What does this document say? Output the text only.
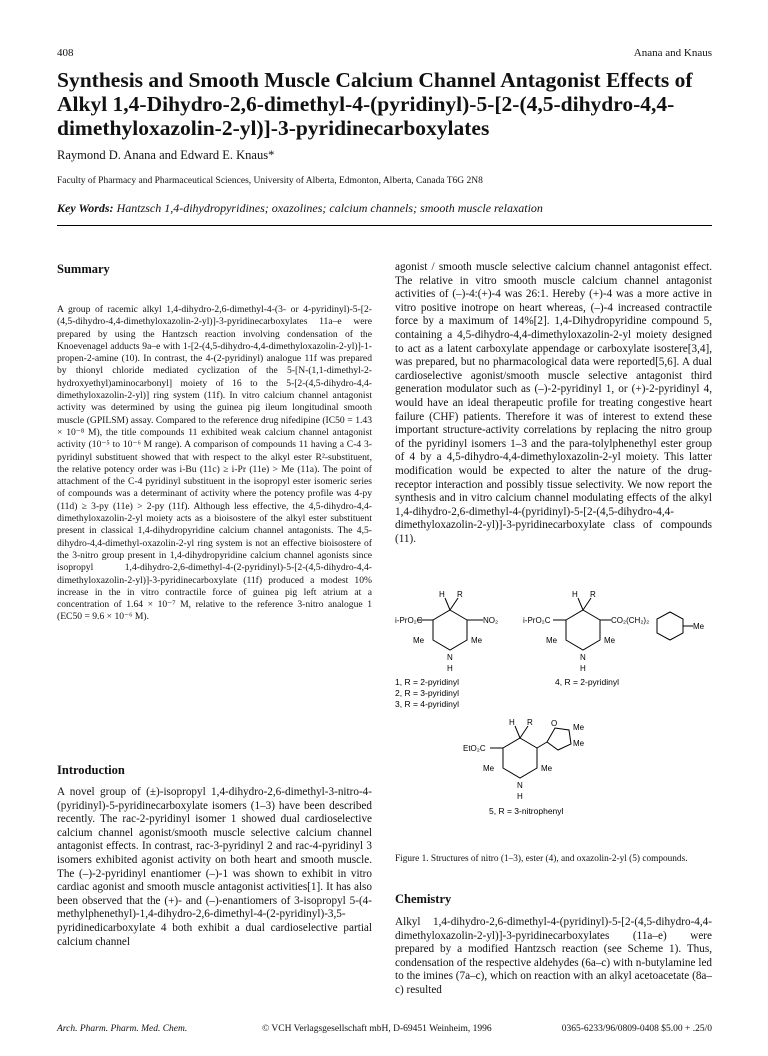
408	Anana and Knaus
Synthesis and Smooth Muscle Calcium Channel Antagonist Effects of Alkyl 1,4-Dihydro-2,6-dimethyl-4-(pyridinyl)-5-[2-(4,5-dihydro-4,4-dimethyloxazolin-2-yl)]-3-pyridinecarboxylates
Raymond D. Anana and Edward E. Knaus*
Faculty of Pharmacy and Pharmaceutical Sciences, University of Alberta, Edmonton, Alberta, Canada T6G 2N8
Key Words: Hantzsch 1,4-dihydropyridines; oxazolines; calcium channels; smooth muscle relaxation
Summary
A group of racemic alkyl 1,4-dihydro-2,6-dimethyl-4-(3- or 4-pyridinyl)-5-[2-(4,5-dihydro-4,4-dimethyloxazolin-2-yl)]-3-pyridinecarboxylates 11a–e were prepared by using the Hantzsch reaction involving condensation of the Knoevenagel adducts 9a–e with 1-[2-(4,5-dihydro-4,4-dimethyloxazolin-2-yl)]-1-propen-2-amine (10). In contrast, the 4-(2-pyridinyl) analogue 11f was prepared by thionyl chloride mediated cyclization of the 5-[N-(1,1-dimethyl-2-hydroxyethyl)aminocarbonyl] moiety of 16 to the 5-[2-(4,5-dihydro-4,4-dimethyloxazolin-2-yl)] ring system (11f). In vitro calcium channel antagonist activity was determined by using the guinea pig ileum longitudinal smooth muscle (GPILSM) assay. Compared to the reference drug nifedipine (IC50 = 1.43 × 10⁻⁸ M), the title compounds 11 exhibited weak calcium channel antagonist activity (10⁻⁵ to 10⁻⁶ M range). A comparison of compounds 11 having a C-4 3-pyridinyl substituent showed that with respect to the alkyl ester R²-substituent, the relative potency order was i-Bu (11c) ≥ i-Pr (11e) > Me (11a). The point of attachment of the C-4 pyridinyl substituent in the isopropyl ester isomeric series of compounds was a determinant of activity where the potency profile was 4-py (11d) ≥ 3-py (11e) > 2-py (11f). Although less effective, the 4,5-dihydro-4,4-dimethyloxazolin-2-yl moiety acts as a bioisostere of the alkyl ester substituent present in classical 1,4-dihydropyridine calcium channel antagonists. The 4,5-dihydro-4,4-dimethyl-oxazolin-2-yl ring system is not an effective bioisostere of the 3-nitro group present in 1,4-dihydropyridine calcium channel agonists since isopropyl 1,4-dihydro-2,6-dimethyl-4-(2-pyridinyl)-5-[2-(4,5-dihydro-4,4-dimethyloxazolin-2-yl)]-3-pyridinecarboxylate (11f) produced a modest 10% increase in the in vitro contractile force of guinea pig left atrium at a concentration of 1.64 × 10⁻⁷ M, relative to the reference 3-nitro analogue 1 (EC50 = 9.6 × 10⁻⁶ M).
Introduction
A novel group of (±)-isopropyl 1,4-dihydro-2,6-dimethyl-3-nitro-4-(pyridinyl)-5-pyridinecarboxylate isomers (1–3) have been described recently. The rac-2-pyridinyl isomer 1 showed dual cardioselective calcium channel agonist/smooth muscle selective calcium channel antagonist effects. In contrast, rac-3-pyridinyl 2 and rac-4-pyridinyl 3 isomers exhibited agonist activity on both heart and smooth muscle. The (–)-2-pyridinyl enantiomer (–)-1 was shown to exhibit in vitro cardiac agonist and smooth muscle antagonist activities[1]. It has also been observed that the (+)- and (–)-enantiomers of 3-isopropyl 5-(4-methylphenethyl)-1,4-dihydro-2,6-dimethyl-4-(2-pyridinyl)-3,5-pyridinedicarboxylate 4 both exhibit a dual cardioselective partial calcium channel
agonist / smooth muscle selective calcium channel antagonist effect. The relative in vitro smooth muscle calcium channel antagonist activities of (–)-4:(+)-4 was 26:1. Hereby (+)-4 was a more active in vitro positive inotrope on heart whereas, (–)-4 increased contractile force by a maximum of 14%[2]. 1,4-Dihydropyridine compound 5, containing a 4,5-dihydro-4,4-dimethyloxazolin-2-yl moiety designed to act as a latent carboxylate appendage or carboxylate isostere[3,4], was prepared, but no pharmacological data were reported[5,6]. A dual cardioselective agonist/smooth muscle selective antagonist third generation modulator such as (–)-2-pyridinyl 1, or (+)-2-pyridinyl 4, would have an ideal therapeutic profile for treating congestive heart failure (CHF) patients. Therefore it was of interest to extend these important structure-activity correlations by replacing the nitro group of the pyridinyl isomers 1–3 and the para-tolylphenethyl ester group of 4 by a 4,5-dihydro-4,4-dimethyloxazolin-2-yl moiety. This latter modification would be expected to alter the nature of the drug-receptor interaction and possibly tissue selectivity. We now report the synthesis and in vitro calcium channel modulating effects of the alkyl 1,4-dihydro-2,6-dimethyl-4-(pyridinyl)-5-[2-(4,5-dihydro-4,4-dimethyloxazolin-2-yl)]-3-pyridinecarboxylate class of compounds (11).
H R
i-PrO₂C	NO₂
Me	Me
N
H
1, R = 2-pyridinyl
2, R = 3-pyridinyl
3, R = 4-pyridinyl
H R
i-PrO₂C	CO₂(CH₂)₂
Me
Me	Me
N
H
4, R = 2-pyridinyl
O Me
Me
H R
EtO₂C
Me	Me
N
H
5, R = 3-nitrophenyl
Figure 1. Structures of nitro (1–3), ester (4), and oxazolin-2-yl (5) compounds.
Chemistry
Alkyl 1,4-dihydro-2,6-dimethyl-4-(pyridinyl)-5-[2-(4,5-dihydro-4,4-dimethyloxazolin-2-yl)]-3-pyridinecarboxylates (11a–e) were prepared by a modified Hantzsch reaction (see Scheme 1). Thus, condensation of the respective aldehydes (6a–c) with n-butylamine led to the imines (7a–c), which on reaction with an alkyl acetoacetate (8a–c) resulted
Arch. Pharm. Pharm. Med. Chem.	© VCH Verlagsgesellschaft mbH, D-69451 Weinheim, 1996	0365-6233/96/0809-0408 $5.00 + .25/0
